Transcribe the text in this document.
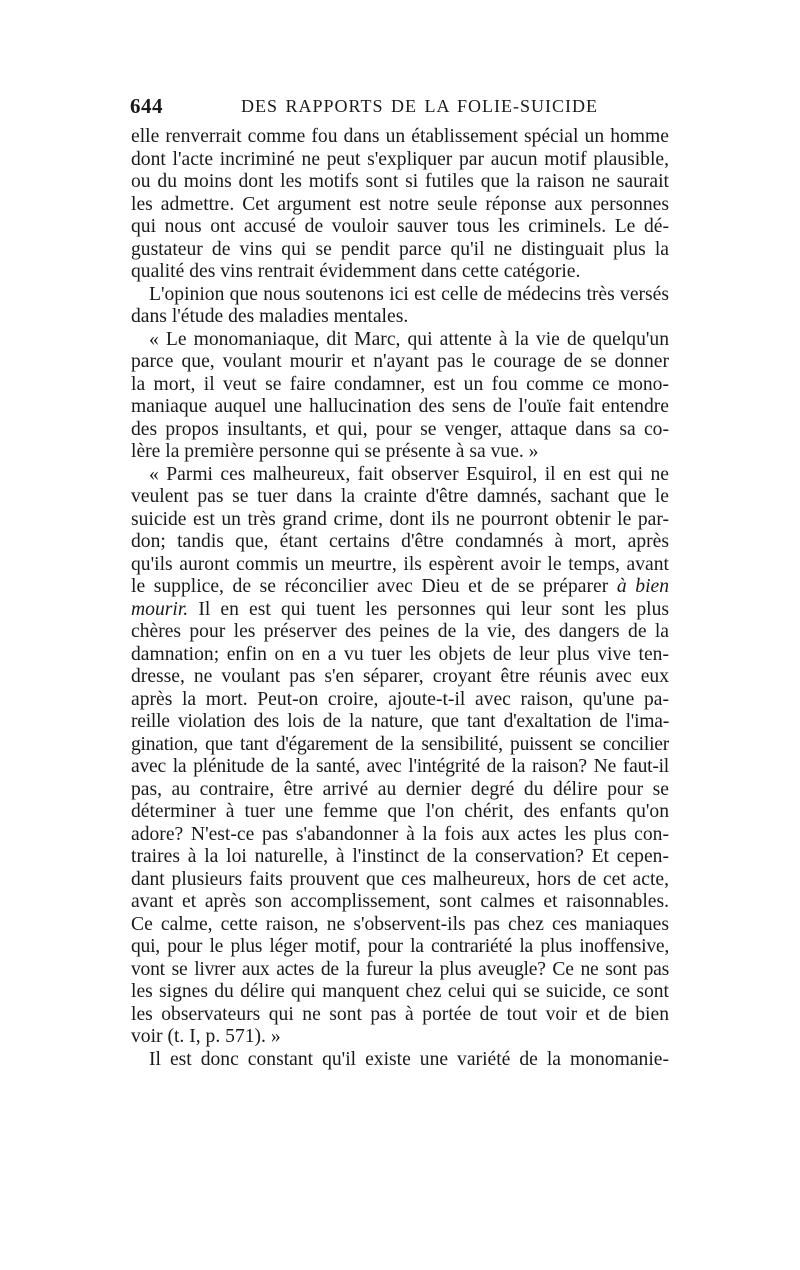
644	DES RAPPORTS DE LA FOLIE-SUICIDE
elle renverrait comme fou dans un établissement spécial un homme
dont l'acte incriminé ne peut s'expliquer par aucun motif plausible,
ou du moins dont les motifs sont si futiles que la raison ne saurait
les admettre. Cet argument est notre seule réponse aux personnes
qui nous ont accusé de vouloir sauver tous les criminels. Le dé-
gustateur de vins qui se pendit parce qu'il ne distinguait plus la
qualité des vins rentrait évidemment dans cette catégorie.
L'opinion que nous soutenons ici est celle de médecins très versés
dans l'étude des maladies mentales.
« Le monomaniaque, dit Marc, qui attente à la vie de quelqu'un
parce que, voulant mourir et n'ayant pas le courage de se donner
la mort, il veut se faire condamner, est un fou comme ce mono-
maniaque auquel une hallucination des sens de l'ouïe fait entendre
des propos insultants, et qui, pour se venger, attaque dans sa co-
lère la première personne qui se présente à sa vue. »
« Parmi ces malheureux, fait observer Esquirol, il en est qui ne
veulent pas se tuer dans la crainte d'être damnés, sachant que le
suicide est un très grand crime, dont ils ne pourront obtenir le par-
don; tandis que, étant certains d'être condamnés à mort, après
qu'ils auront commis un meurtre, ils espèrent avoir le temps, avant
le supplice, de se réconcilier avec Dieu et de se préparer à bien
mourir. Il en est qui tuent les personnes qui leur sont les plus
chères pour les préserver des peines de la vie, des dangers de la
damnation; enfin on en a vu tuer les objets de leur plus vive ten-
dresse, ne voulant pas s'en séparer, croyant être réunis avec eux
après la mort. Peut-on croire, ajoute-t-il avec raison, qu'une pa-
reille violation des lois de la nature, que tant d'exaltation de l'ima-
gination, que tant d'égarement de la sensibilité, puissent se concilier
avec la plénitude de la santé, avec l'intégrité de la raison? Ne faut-il
pas, au contraire, être arrivé au dernier degré du délire pour se
déterminer à tuer une femme que l'on chérit, des enfants qu'on
adore? N'est-ce pas s'abandonner à la fois aux actes les plus con-
traires à la loi naturelle, à l'instinct de la conservation? Et cepen-
dant plusieurs faits prouvent que ces malheureux, hors de cet acte,
avant et après son accomplissement, sont calmes et raisonnables.
Ce calme, cette raison, ne s'observent-ils pas chez ces maniaques
qui, pour le plus léger motif, pour la contrariété la plus inoffensive,
vont se livrer aux actes de la fureur la plus aveugle? Ce ne sont pas
les signes du délire qui manquent chez celui qui se suicide, ce sont
les observateurs qui ne sont pas à portée de tout voir et de bien
voir (t. I, p. 571). »
Il est donc constant qu'il existe une variété de la monomanie-
